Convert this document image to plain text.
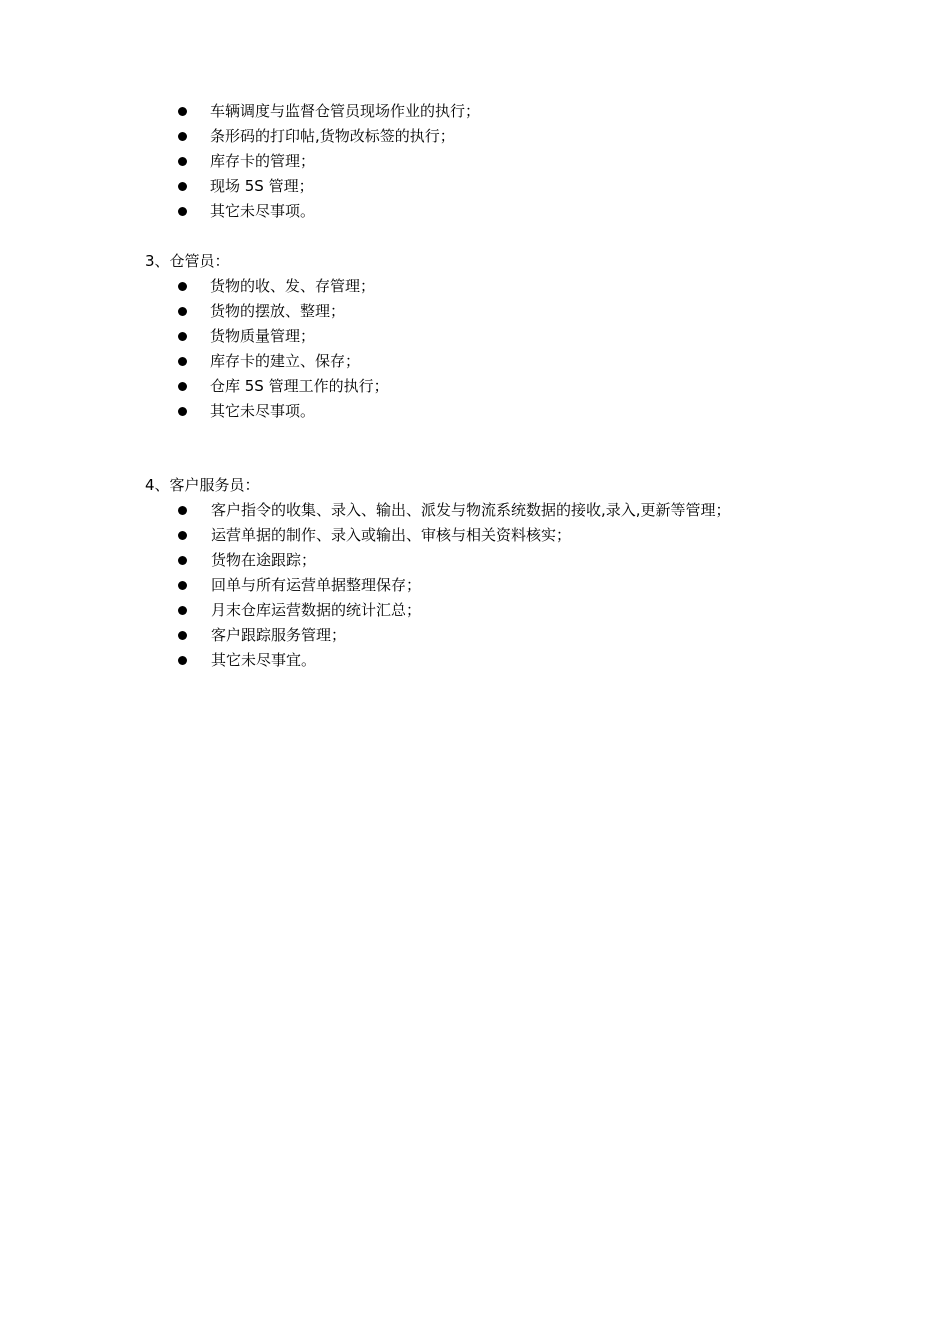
车辆调度与监督仓管员现场作业的执行；
条形码的打印帖,货物改标签的执行；
库存卡的管理；
现场 5S 管理；
其它未尽事项。
3、仓管员：
货物的收、发、存管理；
货物的摆放、整理；
货物质量管理；
库存卡的建立、保存；
仓库 5S 管理工作的执行；
其它未尽事项。
4、客户服务员：
客户指令的收集、录入、输出、派发与物流系统数据的接收,录入,更新等管理；
运营单据的制作、录入或输出、审核与相关资料核实；
货物在途跟踪；
回单与所有运营单据整理保存；
月末仓库运营数据的统计汇总；
客户跟踪服务管理；
其它未尽事宜。
